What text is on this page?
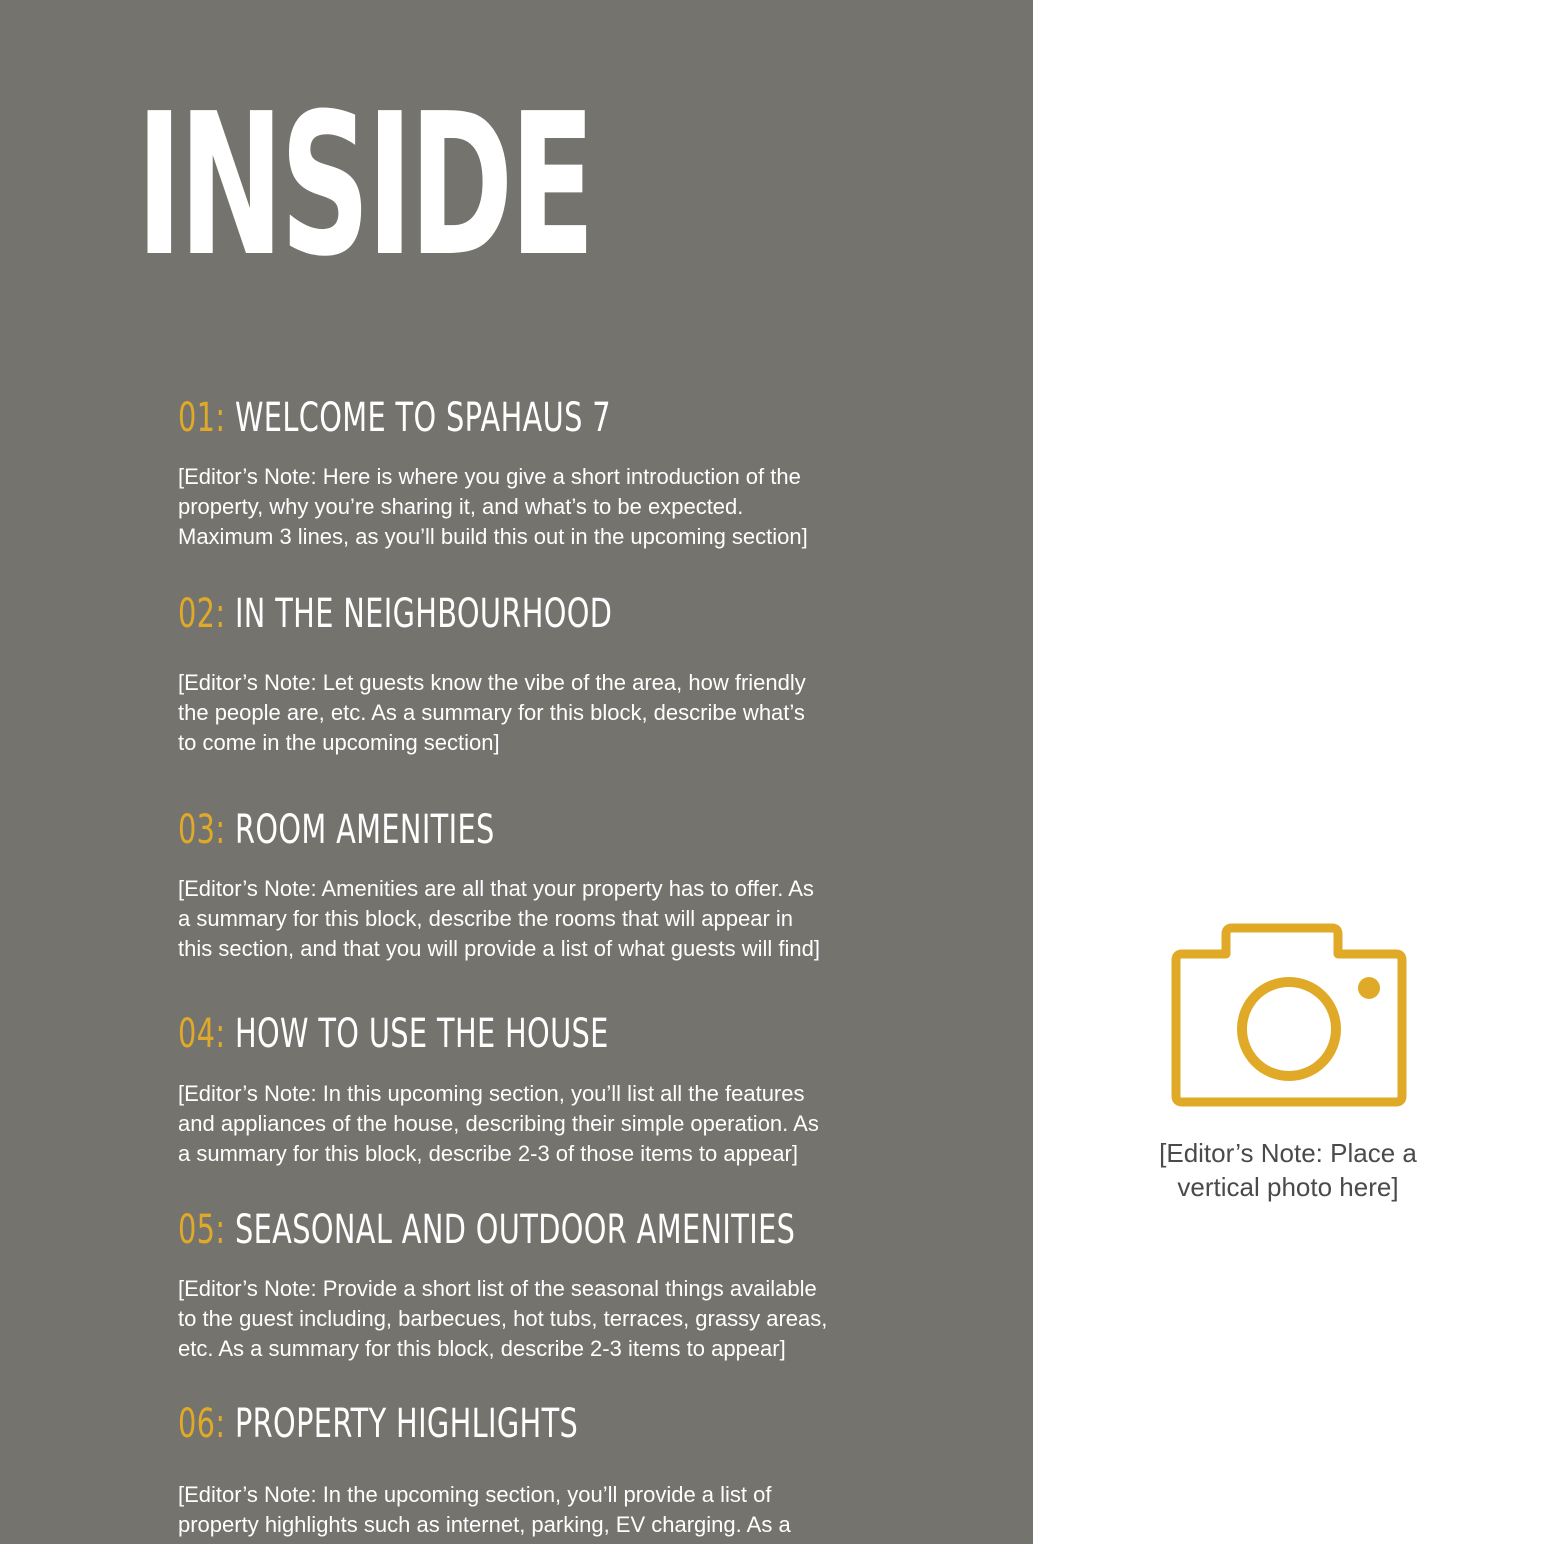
INSIDE
01: WELCOME TO SPAHAUS 7

[Editor’s Note: Here is where you give a short introduction of the
property, why you’re sharing it, and what’s to be expected.
Maximum 3 lines, as you’ll build this out in the upcoming section]

02: IN THE NEIGHBOURHOOD

[Editor’s Note: Let guests know the vibe of the area, how friendly
the people are, etc. As a summary for this block, describe what’s
to come in the upcoming section]

03: ROOM AMENITIES

[Editor’s Note: Amenities are all that your property has to offer. As
a summary for this block, describe the rooms that will appear in
this section, and that you will provide a list of what guests will find]

04: HOW TO USE THE HOUSE

[Editor’s Note: In this upcoming section, you’ll list all the features
and appliances of the house, describing their simple operation. As
a summary for this block, describe 2-3 of those items to appear]

05: SEASONAL AND OUTDOOR AMENITIES

[Editor’s Note: Provide a short list of the seasonal things available
to the guest including, barbecues, hot tubs, terraces, grassy areas,
etc. As a summary for this block, describe 2-3 items to appear]

06: PROPERTY HIGHLIGHTS

[Editor’s Note: In the upcoming section, you’ll provide a list of
property highlights such as internet, parking, EV charging. As a

[Editor’s Note: Place a
vertical photo here]
